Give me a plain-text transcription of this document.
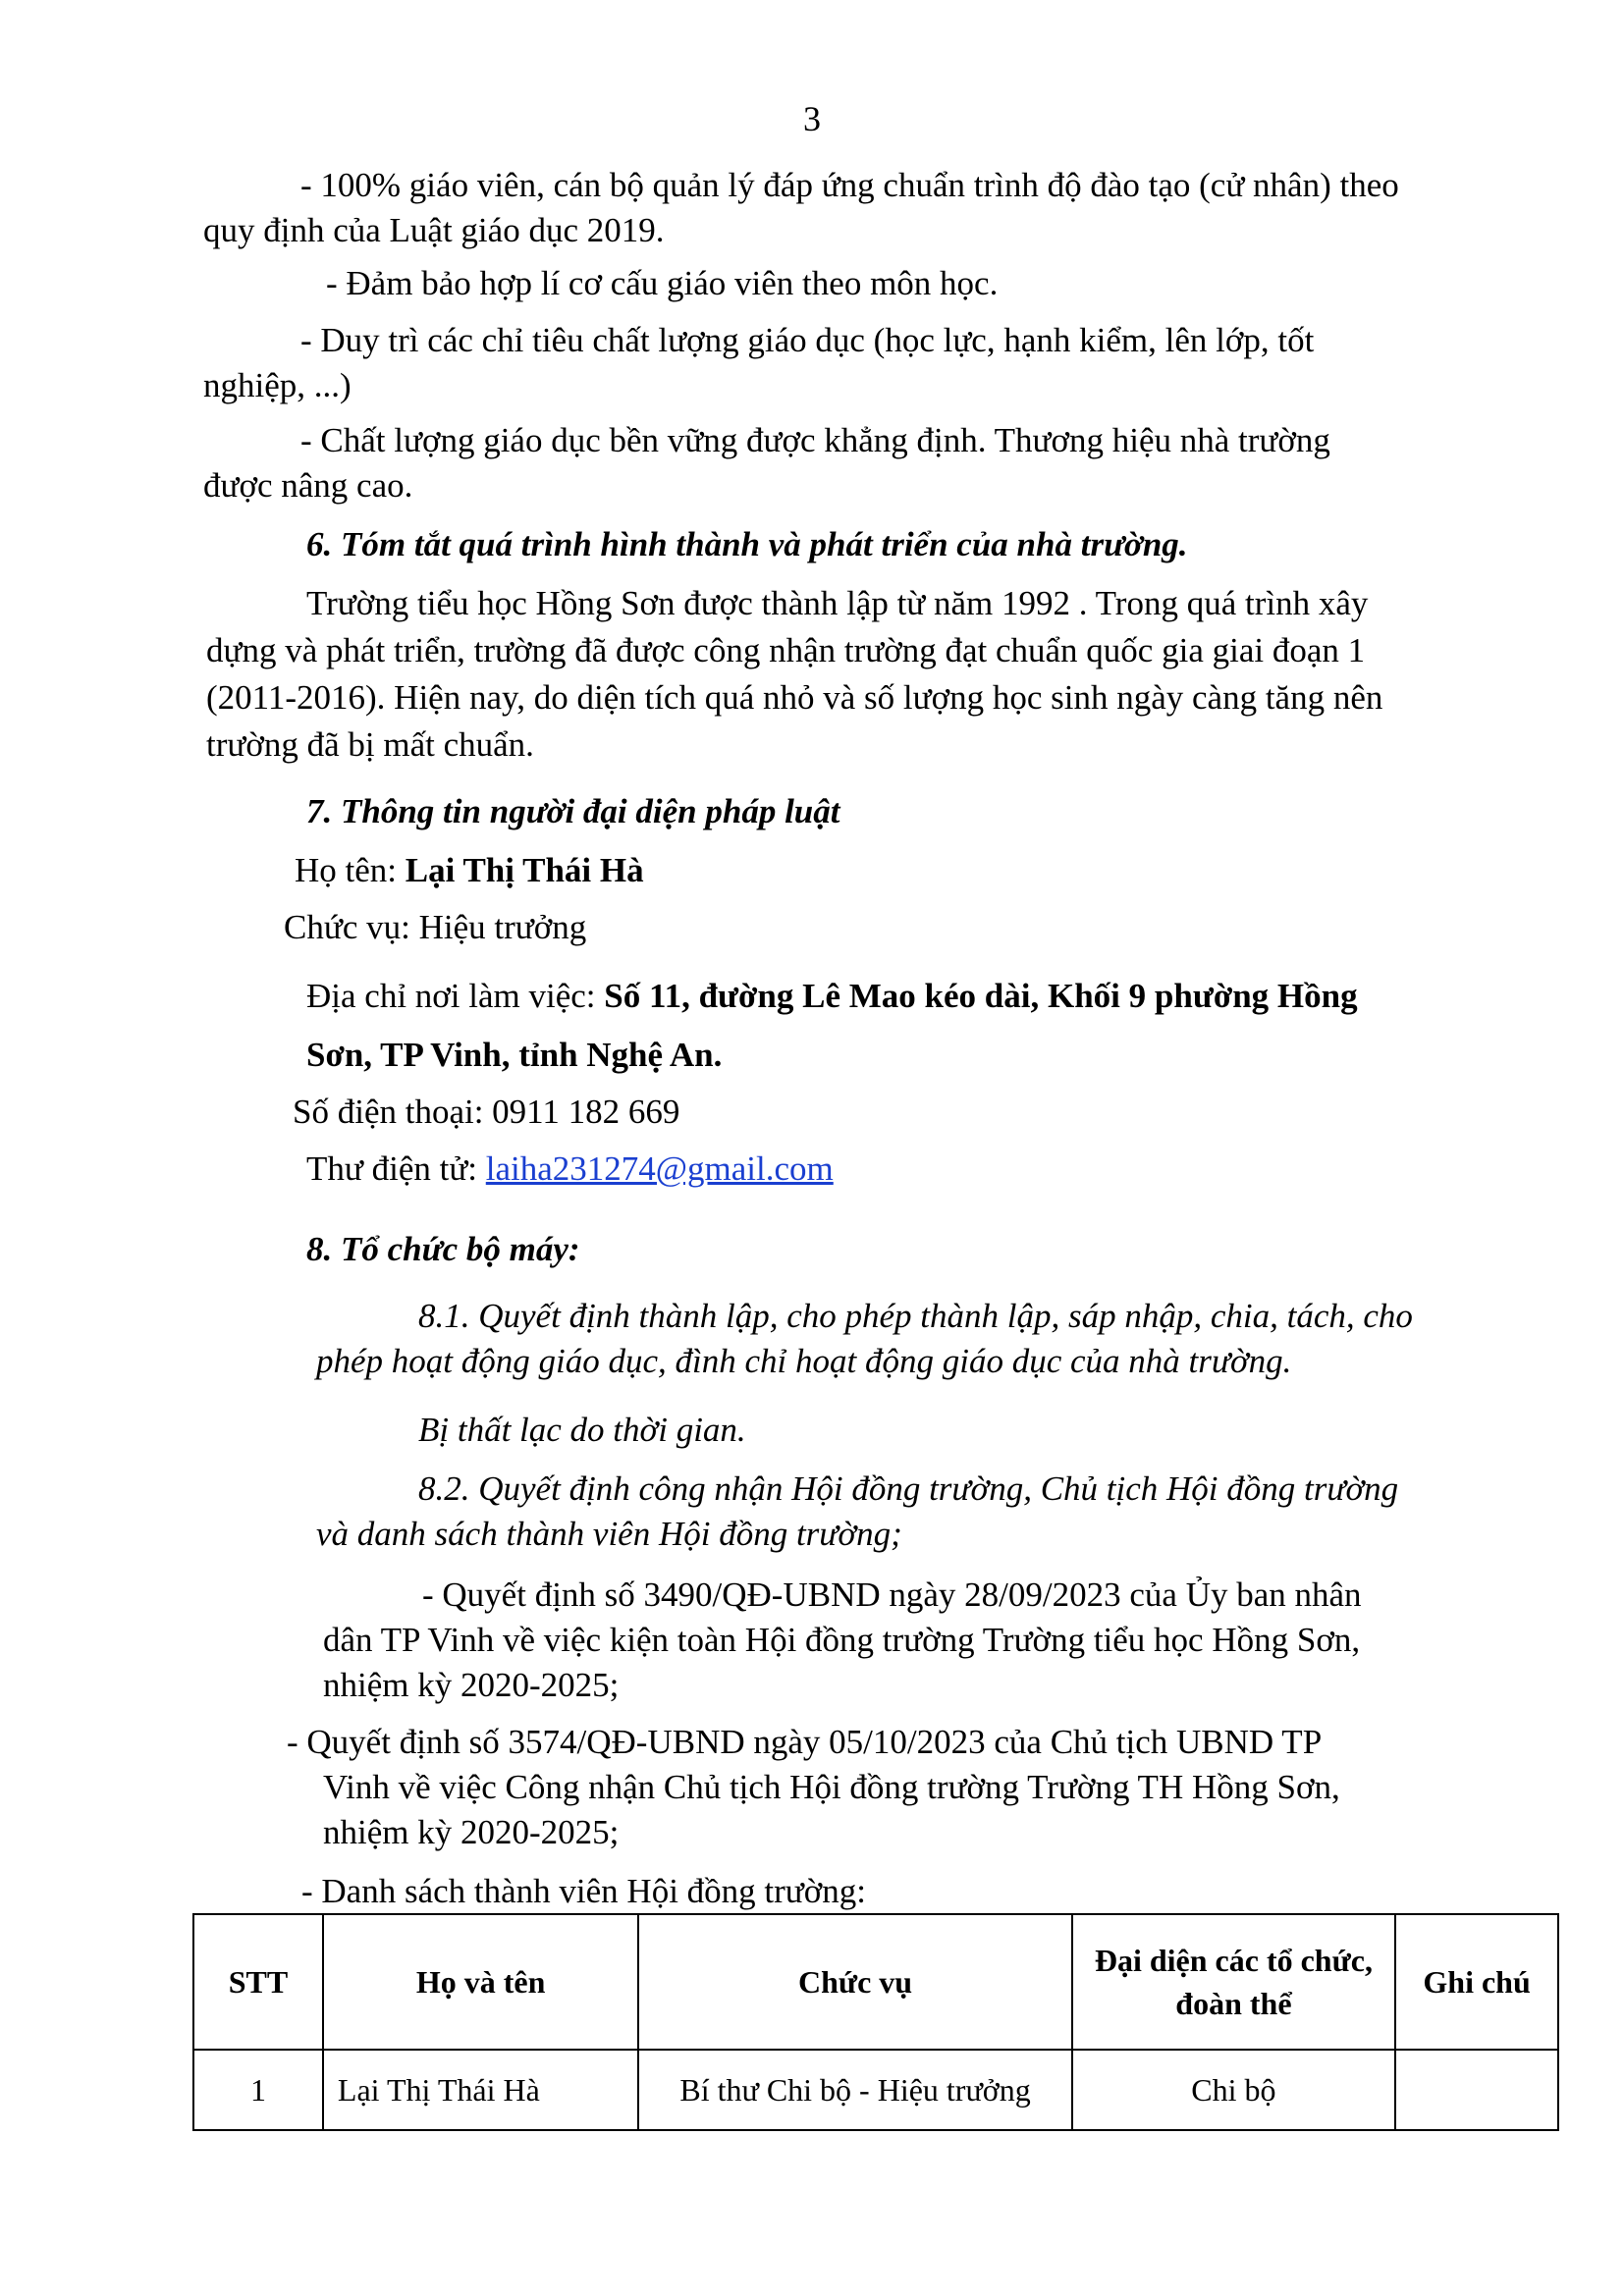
3
- 100% giáo viên, cán bộ quản lý đáp ứng chuẩn trình độ đào tạo (cử nhân) theo
quy định của Luật giáo dục 2019.
- Đảm bảo hợp lí cơ cấu giáo viên theo môn học.
- Duy trì các chỉ tiêu chất lượng giáo dục (học lực, hạnh kiểm, lên lớp, tốt
nghiệp, ...)
- Chất lượng giáo dục bền vững được khẳng định. Thương hiệu nhà trường
được nâng cao.
6. Tóm tắt quá trình hình thành và phát triển của nhà trường.
Trường tiểu học Hồng Sơn được thành lập từ năm 1992 . Trong quá trình xây
dựng và phát triển, trường đã được công nhận trường đạt chuẩn quốc gia giai đoạn 1
(2011-2016). Hiện nay, do diện tích quá nhỏ và số lượng học sinh ngày càng tăng nên
trường đã bị mất chuẩn.
7. Thông tin người đại diện pháp luật
Họ tên: Lại Thị Thái Hà
Chức vụ: Hiệu trưởng
Địa chỉ nơi làm việc: Số 11, đường Lê Mao kéo dài, Khối 9 phường Hồng
Sơn, TP Vinh, tỉnh Nghệ An.
Số điện thoại: 0911 182 669
Thư điện tử: laiha231274@gmail.com
8. Tổ chức bộ máy:
8.1. Quyết định thành lập, cho phép thành lập, sáp nhập, chia, tách, cho
phép hoạt động giáo dục, đình chỉ hoạt động giáo dục của nhà trường.
Bị thất lạc do thời gian.
8.2. Quyết định công nhận Hội đồng trường, Chủ tịch Hội đồng trường
và danh sách thành viên Hội đồng trường;
- Quyết định số 3490/QĐ-UBND ngày 28/09/2023 của Ủy ban nhân
dân TP Vinh về việc kiện toàn Hội đồng trường Trường tiểu học Hồng Sơn,
nhiệm kỳ 2020-2025;
- Quyết định số 3574/QĐ-UBND ngày 05/10/2023 của Chủ tịch UBND TP
Vinh về việc Công nhận Chủ tịch Hội đồng trường Trường TH Hồng Sơn,
nhiệm kỳ 2020-2025;
- Danh sách thành viên Hội đồng trường:
STT	Họ và tên	Chức vụ	Đại diện các tổ chức, đoàn thể	Ghi chú
1	Lại Thị Thái Hà	Bí thư Chi bộ - Hiệu trưởng	Chi bộ	
